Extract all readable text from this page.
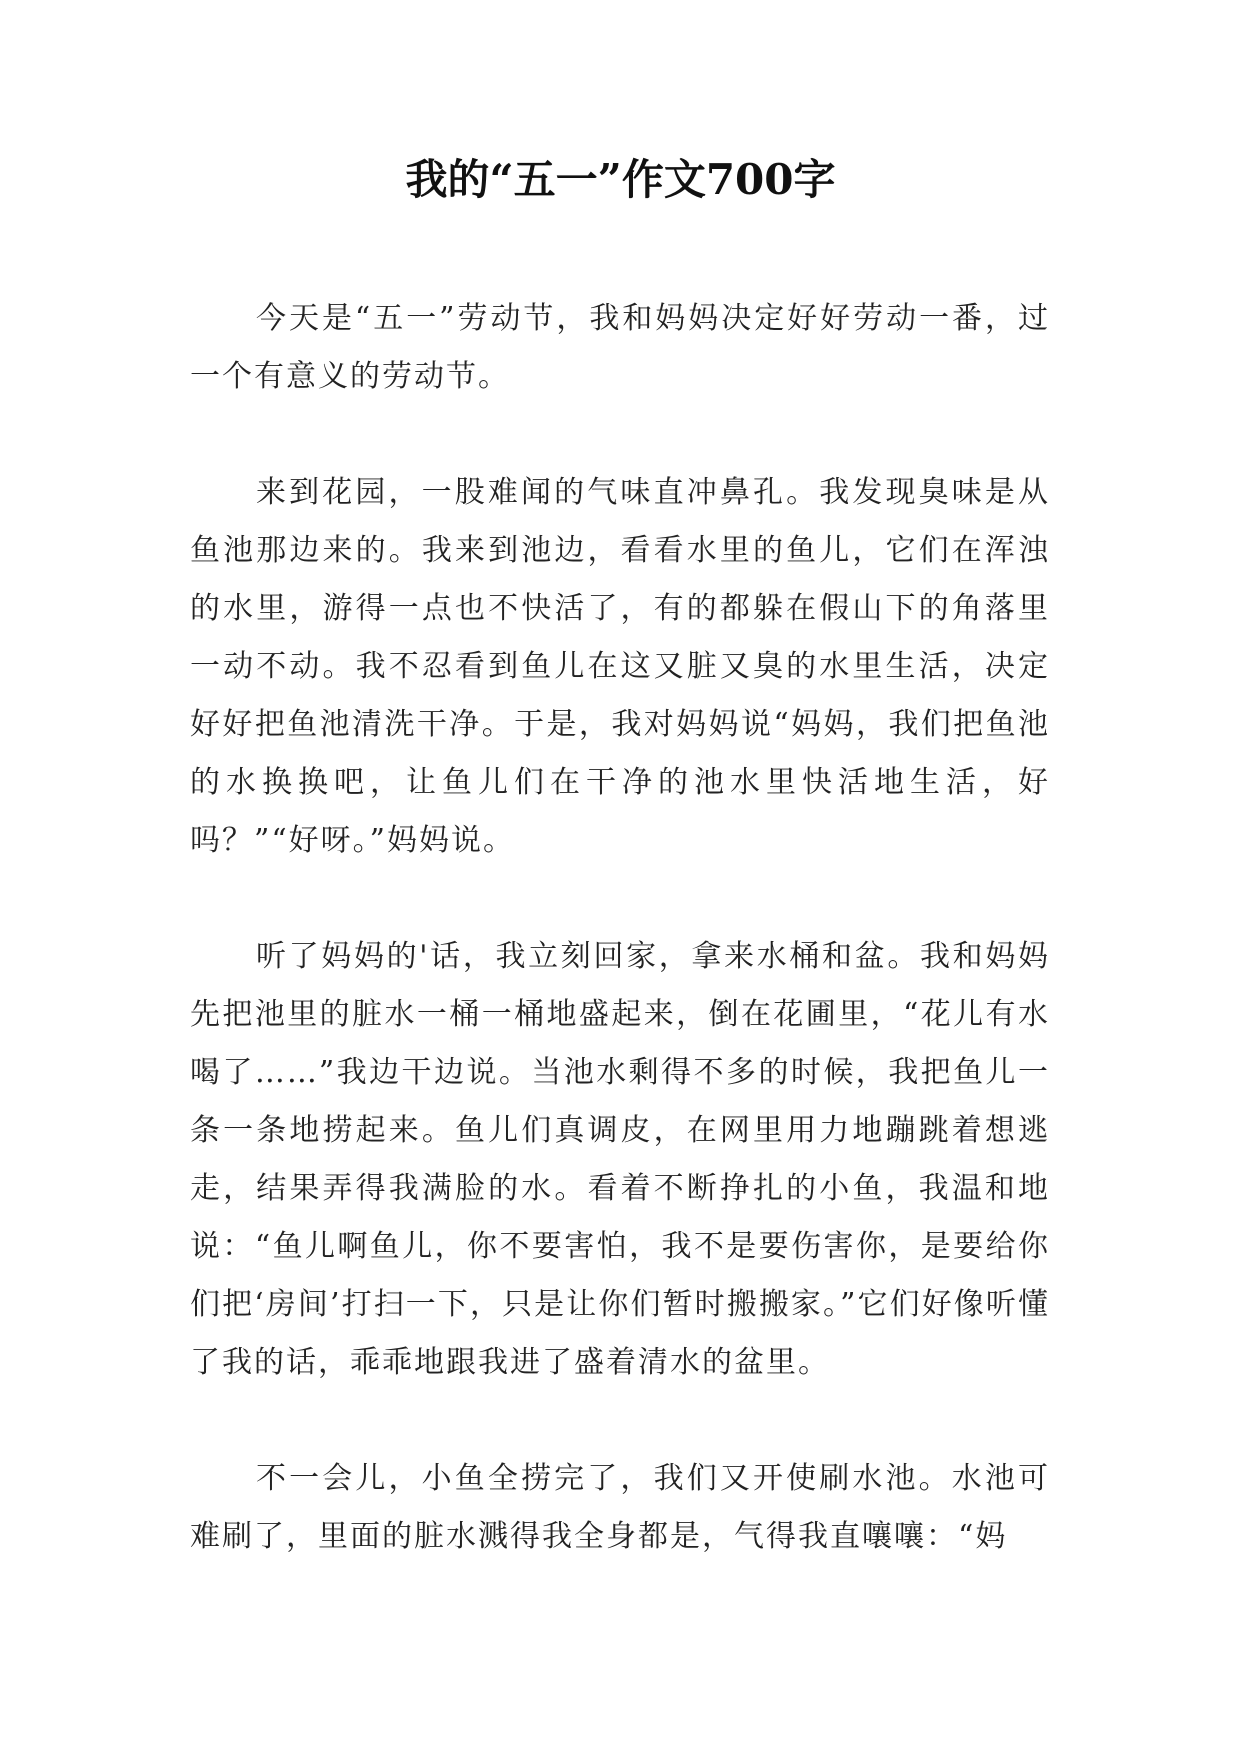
我的“五一”作文700字

今天是“五一”劳动节，我和妈妈决定好好劳动一番，过一个有意义的劳动节。

来到花园，一股难闻的气味直冲鼻孔。我发现臭味是从鱼池那边来的。我来到池边，看看水里的鱼儿，它们在浑浊的水里，游得一点也不快活了，有的都躲在假山下的角落里一动不动。我不忍看到鱼儿在这又脏又臭的水里生活，决定好好把鱼池清洗干净。于是，我对妈妈说“妈妈，我们把鱼池的水换换吧，让鱼儿们在干净的池水里快活地生活，好吗？”“好呀。”妈妈说。

听了妈妈的'话，我立刻回家，拿来水桶和盆。我和妈妈先把池里的脏水一桶一桶地盛起来，倒在花圃里，“花儿有水喝了……”我边干边说。当池水剩得不多的时候，我把鱼儿一条一条地捞起来。鱼儿们真调皮，在网里用力地蹦跳着想逃走，结果弄得我满脸的水。看着不断挣扎的小鱼，我温和地说：“鱼儿啊鱼儿，你不要害怕，我不是要伤害你，是要给你们把‘房间’打扫一下，只是让你们暂时搬搬家。”它们好像听懂了我的话，乖乖地跟我进了盛着清水的盆里。

不一会儿，小鱼全捞完了，我们又开使刷水池。水池可难刷了，里面的脏水溅得我全身都是，气得我直嚷嚷：“妈
